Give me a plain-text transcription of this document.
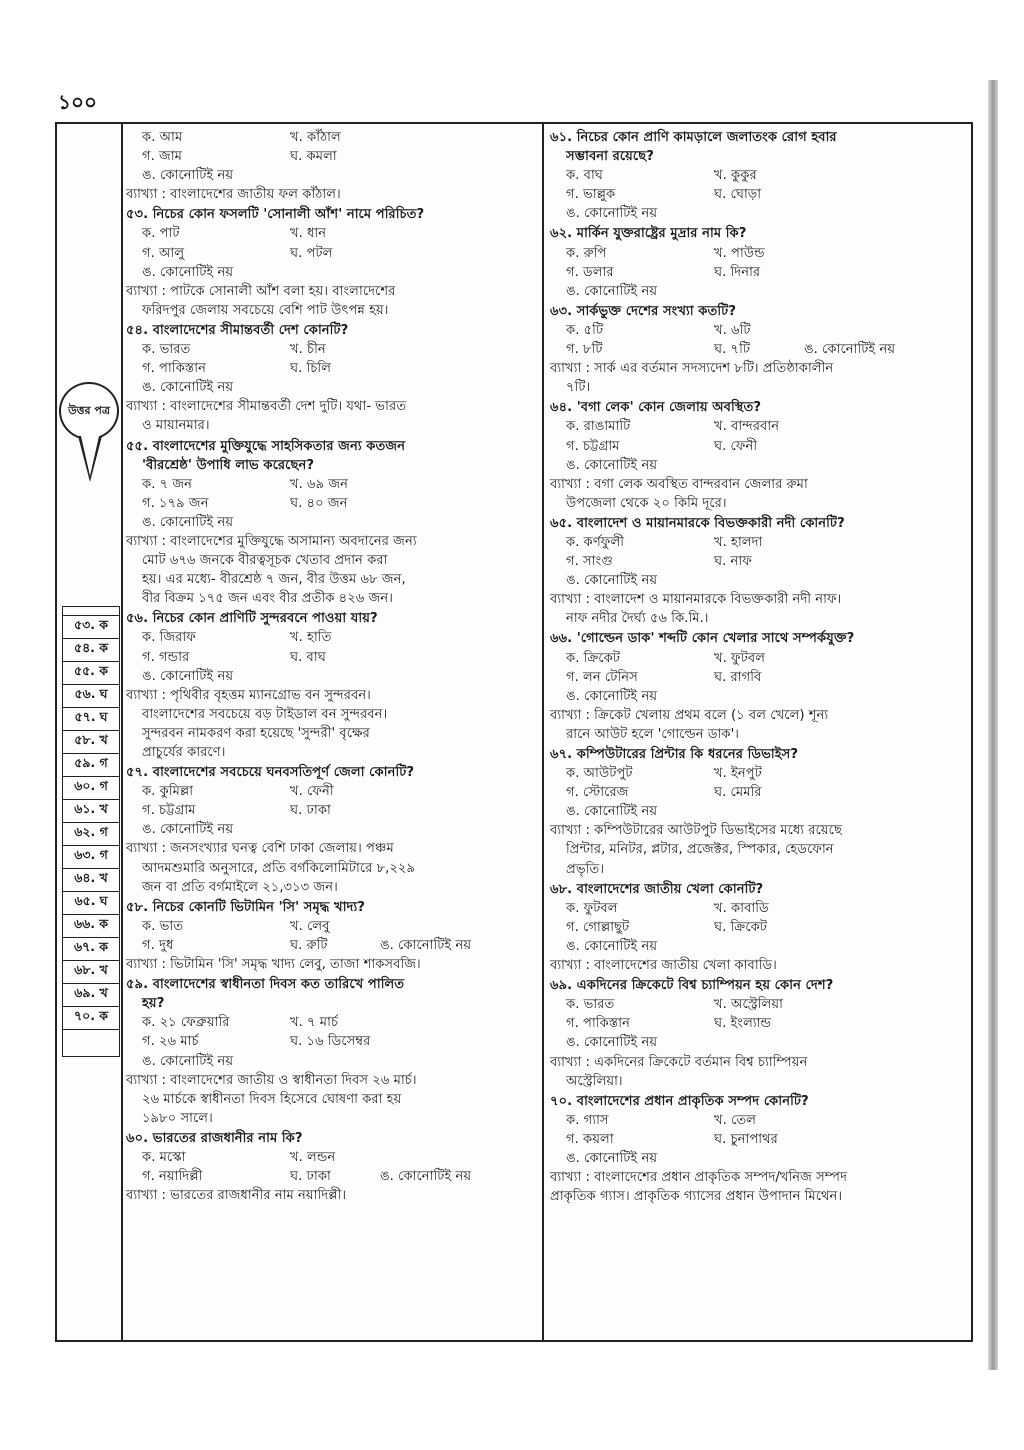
১০০
উত্তর পত্র

৫৩. ক
৫৪. ক
৫৫. ক
৫৬. ঘ
৫৭. ঘ
৫৮. খ
৫৯. গ
৬০. গ
৬১. খ
৬২. গ
৬৩. গ
৬৪. খ
৬৫. ঘ
৬৬. ক
৬৭. ক
৬৮. খ
৬৯. খ
৭০. ক

ক. আম	খ. কাঁঠাল
গ. জাম	ঘ. কমলা

ঙ. কোনোটিই নয়

ব্যাখ্যা : বাংলাদেশের জাতীয় ফল কাঁঠাল।

৫৩. নিচের কোন ফসলটি 'সোনালী আঁশ' নামে পরিচিত?

ক. পাট	খ. ধান
গ. আলু	ঘ. পটল

ঙ. কোনোটিই নয়

ব্যাখ্যা : পাটকে সোনালী আঁশ বলা হয়। বাংলাদেশের
ফরিদপুর জেলায় সবচেয়ে বেশি পাট উৎপন্ন হয়।

৫৪. বাংলাদেশের সীমান্তবর্তী দেশ কোনটি?

ক. ভারত	খ. চীন
গ. পাকিস্তান	ঘ. চিলি

ঙ. কোনোটিই নয়

ব্যাখ্যা : বাংলাদেশের সীমান্তবর্তী দেশ দুটি। যথা- ভারত
ও মায়ানমার।

৫৫. বাংলাদেশের মুক্তিযুদ্ধে সাহসিকতার জন্য কতজন
'বীরশ্রেষ্ঠ' উপাধি লাভ করেছেন?

ক. ৭ জন	খ. ৬৯ জন
গ. ১৭৯ জন	ঘ. ৪০ জন

ঙ. কোনোটিই নয়

ব্যাখ্যা : বাংলাদেশের মুক্তিযুদ্ধে অসামান্য অবদানের জন্য
মোট ৬৭৬ জনকে বীরত্বসূচক খেতাব প্রদান করা
হয়। এর মধ্যে- বীরশ্রেষ্ঠ ৭ জন, বীর উত্তম ৬৮ জন,
বীর বিক্রম ১৭৫ জন এবং বীর প্রতীক ৪২৬ জন।

৫৬. নিচের কোন প্রাণিটি সুন্দরবনে পাওয়া যায়?

ক. জিরাফ	খ. হাতি
গ. গন্ডার	ঘ. বাঘ

ঙ. কোনোটিই নয়

ব্যাখ্যা : পৃথিবীর বৃহত্তম ম্যানগ্রোভ বন সুন্দরবন।
বাংলাদেশের সবচেয়ে বড় টাইডাল বন সুন্দরবন।
সুন্দরবন নামকরণ করা হয়েছে 'সুন্দরী' বৃক্ষের
প্রাচুর্যের কারণে।

৫৭. বাংলাদেশের সবচেয়ে ঘনবসতিপূর্ণ জেলা কোনটি?

ক. কুমিল্লা	খ. ফেনী
গ. চট্টগ্রাম	ঘ. ঢাকা

ঙ. কোনোটিই নয়

ব্যাখ্যা : জনসংখ্যার ঘনত্ব বেশি ঢাকা জেলায়। পঞ্চম
আদমশুমারি অনুসারে, প্রতি বর্গকিলোমিটারে ৮,২২৯
জন বা প্রতি বর্গমাইলে ২১,৩১৩ জন।

৫৮. নিচের কোনটি ভিটামিন 'সি' সমৃদ্ধ খাদ্য?

ক. ভাত	খ. লেবু
গ. দুধ	ঘ. রুটি	ঙ. কোনোটিই নয়

ব্যাখ্যা : ভিটামিন 'সি' সমৃদ্ধ খাদ্য লেবু, তাজা শাকসবজি।

৫৯. বাংলাদেশের স্বাধীনতা দিবস কত তারিখে পালিত
হয়?

ক. ২১ ফেব্রুয়ারি	খ. ৭ মার্চ
গ. ২৬ মার্চ	ঘ. ১৬ ডিসেম্বর

ঙ. কোনোটিই নয়

ব্যাখ্যা : বাংলাদেশের জাতীয় ও স্বাধীনতা দিবস ২৬ মার্চ।
২৬ মার্চকে স্বাধীনতা দিবস হিসেবে ঘোষণা করা হয়
১৯৮০ সালে।

৬০. ভারতের রাজধানীর নাম কি?

ক. মস্কো	খ. লন্ডন
গ. নয়াদিল্লী	ঘ. ঢাকা	ঙ. কোনোটিই নয়

ব্যাখ্যা : ভারতের রাজধানীর নাম নয়াদিল্লী।

৬১. নিচের কোন প্রাণি কামড়ালে জলাতংক রোগ হবার
সম্ভাবনা রয়েছে?

ক. বাঘ	খ. কুকুর
গ. ভাল্লুক	ঘ. ঘোড়া

ঙ. কোনোটিই নয়

৬২. মার্কিন যুক্তরাষ্ট্রের মুদ্রার নাম কি?

ক. রুপি	খ. পাউন্ড
গ. ডলার	ঘ. দিনার

ঙ. কোনোটিই নয়

৬৩. সার্কভুক্ত দেশের সংখ্যা কতটি?

ক. ৫টি	খ. ৬টি
গ. ৮টি	ঘ. ৭টি	ঙ. কোনোটিই নয়

ব্যাখ্যা : সার্ক এর বর্তমান সদস্যদেশ ৮টি। প্রতিষ্ঠাকালীন
৭টি।

৬৪. 'বগা লেক' কোন জেলায় অবস্থিত?

ক. রাঙামাটি	খ. বান্দরবান
গ. চট্টগ্রাম	ঘ. ফেনী

ঙ. কোনোটিই নয়

ব্যাখ্যা : বগা লেক অবস্থিত বান্দরবান জেলার রুমা
উপজেলা থেকে ২০ কিমি দূরে।

৬৫. বাংলাদেশ ও মায়ানমারকে বিভক্তকারী নদী কোনটি?

ক. কর্ণফুলী	খ. হালদা
গ. সাংগু	ঘ. নাফ

ঙ. কোনোটিই নয়

ব্যাখ্যা : বাংলাদেশ ও মায়ানমারকে বিভক্তকারী নদী নাফ।
নাফ নদীর দৈর্ঘ্য ৫৬ কি.মি.।

৬৬. 'গোল্ডেন ডাক' শব্দটি কোন খেলার সাথে সম্পর্কযুক্ত?

ক. ক্রিকেট	খ. ফুটবল
গ. লন টেনিস	ঘ. রাগবি

ঙ. কোনোটিই নয়

ব্যাখ্যা : ক্রিকেট খেলায় প্রথম বলে (১ বল খেলে) শূন্য
রানে আউট হলে 'গোল্ডেন ডাক'।

৬৭. কম্পিউটারের প্রিন্টার কি ধরনের ডিভাইস?

ক. আউটপুট	খ. ইনপুট
গ. স্টোরেজ	ঘ. মেমরি

ঙ. কোনোটিই নয়

ব্যাখ্যা : কম্পিউটারের আউটপুট ডিভাইসের মধ্যে রয়েছে
প্রিন্টার, মনিটর, প্লটার, প্রজেক্টর, স্পিকার, হেডফোন
প্রভৃতি।

৬৮. বাংলাদেশের জাতীয় খেলা কোনটি?

ক. ফুটবল	খ. কাবাডি
গ. গোল্লাছুট	ঘ. ক্রিকেট

ঙ. কোনোটিই নয়

ব্যাখ্যা : বাংলাদেশের জাতীয় খেলা কাবাডি।

৬৯. একদিনের ক্রিকেটে বিশ্ব চ্যাম্পিয়ন হয় কোন দেশ?

ক. ভারত	খ. অস্ট্রেলিয়া
গ. পাকিস্তান	ঘ. ইংল্যান্ড

ঙ. কোনোটিই নয়

ব্যাখ্যা : একদিনের ক্রিকেটে বর্তমান বিশ্ব চ্যাম্পিয়ন
অস্ট্রেলিয়া।

৭০. বাংলাদেশের প্রধান প্রাকৃতিক সম্পদ কোনটি?

ক. গ্যাস	খ. তেল
গ. কয়লা	ঘ. চুনাপাথর

ঙ. কোনোটিই নয়

ব্যাখ্যা : বাংলাদেশের প্রধান প্রাকৃতিক সম্পদ/খনিজ সম্পদ
প্রাকৃতিক গ্যাস। প্রাকৃতিক গ্যাসের প্রধান উপাদান মিথেন।
